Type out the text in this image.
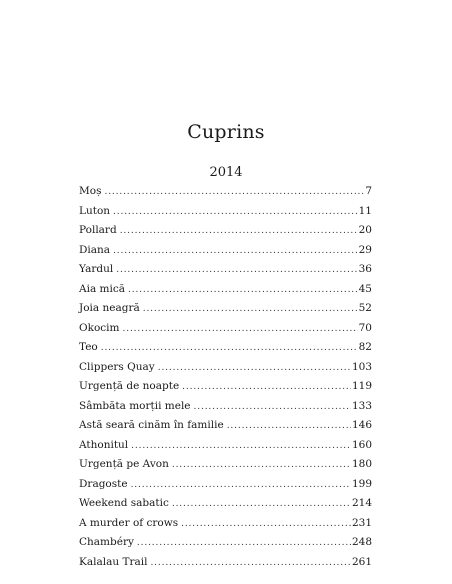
Cuprins
2014
Moș . . .	7
Luton . . .	11
Pollard . . .	20
Diana . . .	29
Yardul . . .	36
Aia mică . . .	45
Joia neagră . . .	52
Okocim . . .	70
Teo . . .	82
Clippers Quay . . .	103
Urgență de noapte . . .	119
Sâmbăta morții mele . . .	133
Astă seară cinăm în familie . . .	146
Athonitul . . .	160
Urgență pe Avon . . .	180
Dragoste . . .	199
Weekend sabatic . . .	214
A murder of crows . . .	231
Chambéry . . .	248
Kalalau Trail . . .	261
